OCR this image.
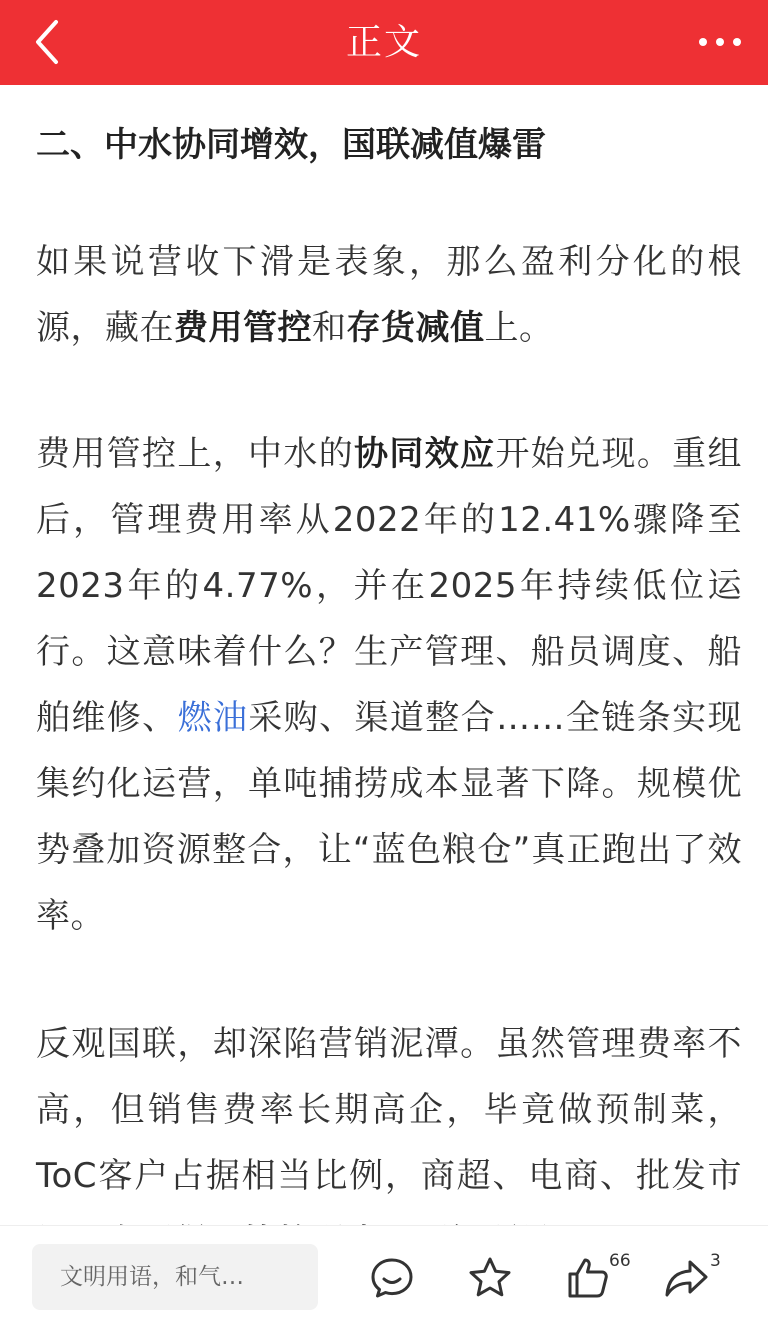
正文
二、中水协同增效，国联减值爆雷

如果说营收下滑是表象，那么盈利分化的根源，藏在费用管控和存货减值上。

费用管控上，中水的协同效应开始兑现。重组后，管理费用率从2022年的12.41%骤降至2023年的4.77%，并在2025年持续低位运行。这意味着什么？生产管理、船员调度、船舶维修、燃油采购、渠道整合……全链条实现集约化运营，单吨捕捞成本显著下降。规模优势叠加资源整合，让“蓝色粮仓”真正跑出了效率。

反观国联，却深陷营销泥潭。虽然管理费率不高，但销售费率长期高企，毕竟做预制菜，ToC客户占据相当比例，商超、电商、批发市

文明用语，和气…
66	3
